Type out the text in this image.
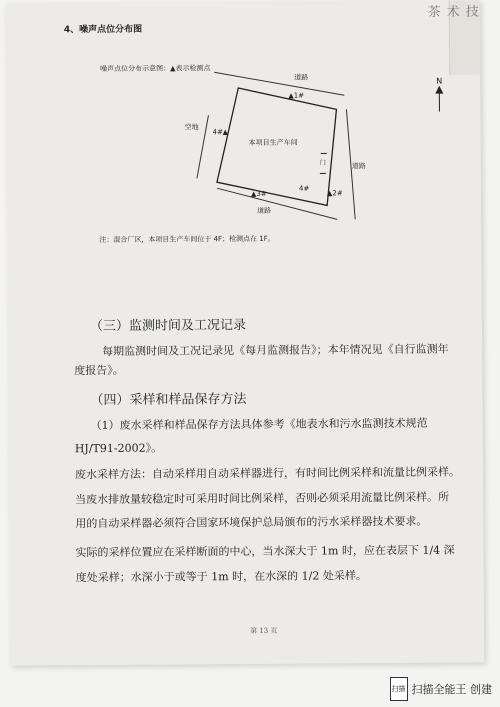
技
术
茶
4、噪声点位分布图
噪声点位分布示意图：▲表示检测点
道路
道路
道路
空地
本项目生产车间
▲1#
▲2#
▲3#
4# ▲
门
4#
N
注：混合厂区，本项目生产车间位于 4F；检测点在 1F。
（三）监测时间及工况记录
每期监测时间及工况记录见《每月监测报告》；本年情况见《自行监测年
度报告》。
（四）采样和样品保存方法
（1）废水采样和样品保存方法具体参考《地表水和污水监测技术规范
HJ/T91-2002》。
废水采样方法：自动采样用自动采样器进行，有时间比例采样和流量比例采样。
当废水排放量较稳定时可采用时间比例采样，否则必须采用流量比例采样。所
用的自动采样器必须符合国家环境保护总局颁布的污水采样器技术要求。
实际的采样位置应在采样断面的中心，当水深大于 1m 时，应在表层下 1/4 深
度处采样；水深小于或等于 1m 时，在水深的 1/2 处采样。
第 13 页
扫描 扫描全能王 创建
